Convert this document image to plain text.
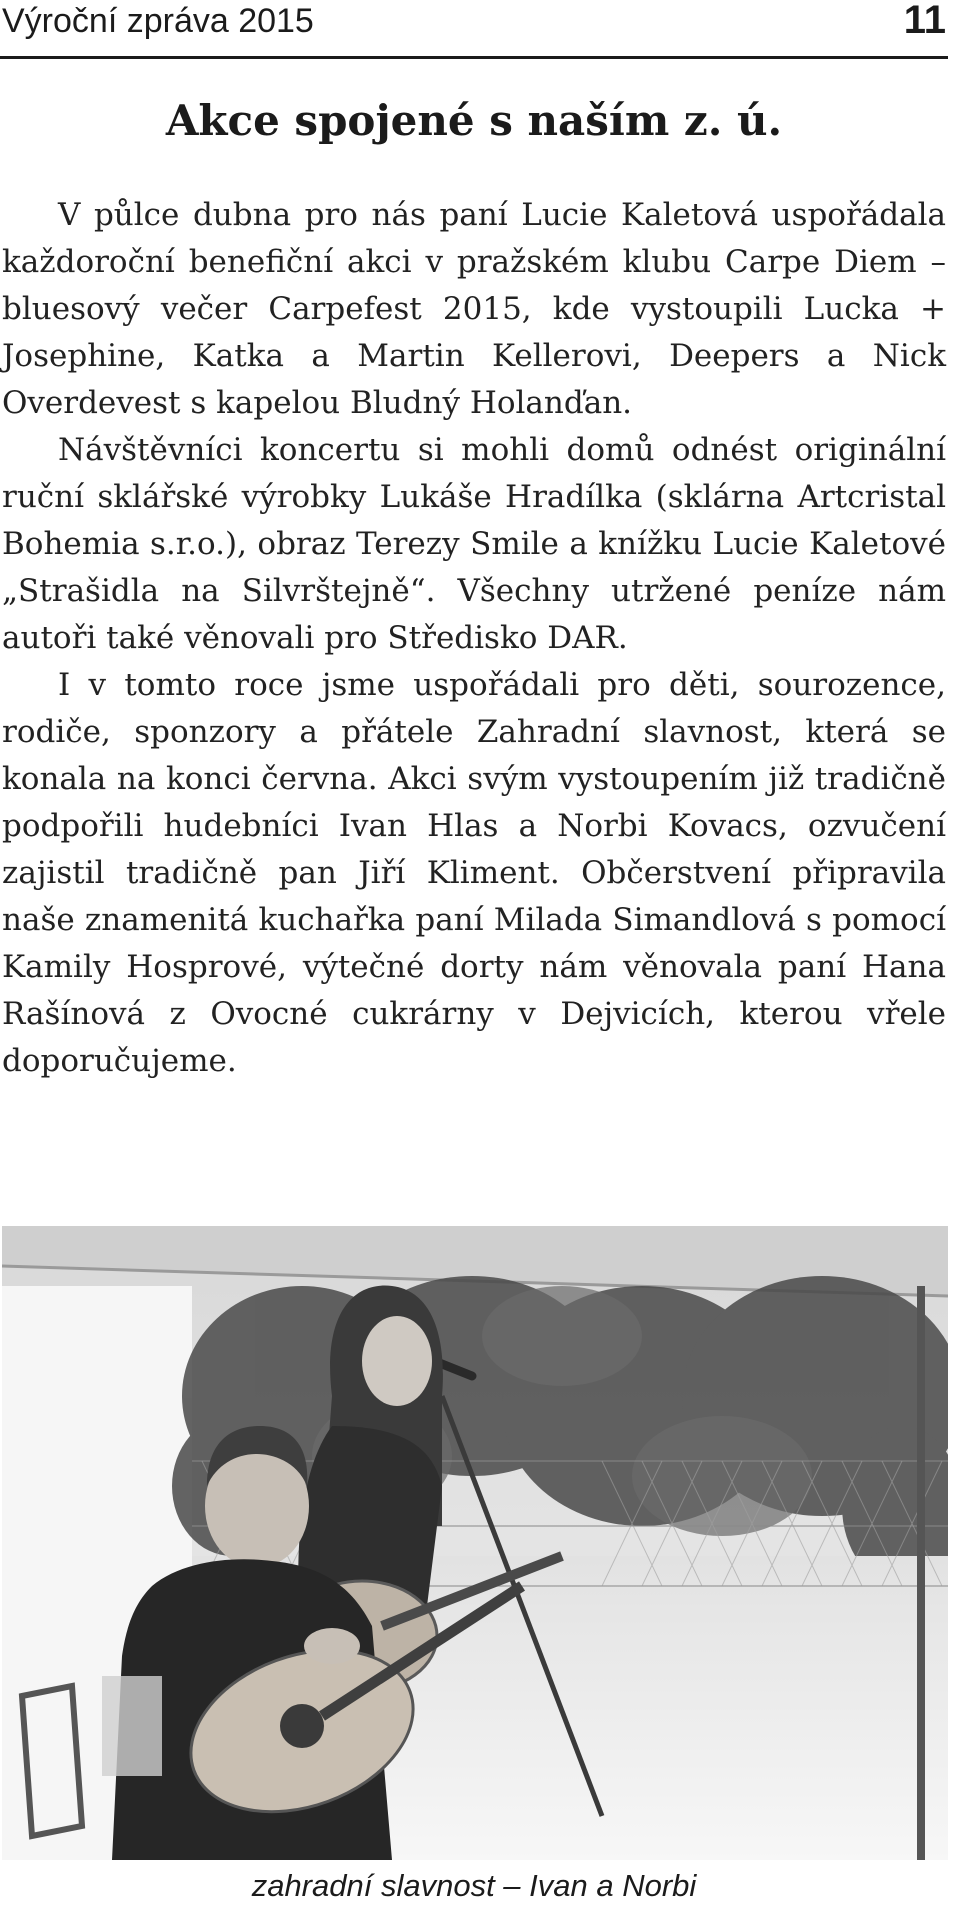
Výroční zpráva 2015	11
Akce spojené s naším z. ú.

V půlce dubna pro nás paní Lucie Kaletová uspořádala každoroční benefiční akci v pražském klubu Carpe Diem – bluesový večer Carpefest 2015, kde vystoupili Lucka + Josephine, Katka a Martin Kellerovi, Deepers a Nick Overdevest s kapelou Bludný Holanďan.

Návštěvníci koncertu si mohli domů odnést originální ruční sklářské výrobky Lukáše Hradílka (sklárna Artcristal Bohemia s.r.o.), obraz Terezy Smile a knížku Lucie Kaletové „Strašidla na Silvrštejně“. Všechny utržené peníze nám autoři také věnovali pro Středisko DAR.

I v tomto roce jsme uspořádali pro děti, sourozence, rodiče, sponzory a přátele Zahradní slavnost, která se konala na konci června. Akci svým vystoupením již tradičně podpořili hudebníci Ivan Hlas a Norbi Kovacs, ozvučení zajistil tradičně pan Jiří Kliment. Občerstvení připravila naše znamenitá kuchařka paní Milada Simandlová s pomocí Kamily Hosprové, výtečné dorty nám věnovala paní Hana Rašínová z Ovocné cukrárny v Dejvicích, kterou vřele doporučujeme.

zahradní slavnost – Ivan a Norbi
